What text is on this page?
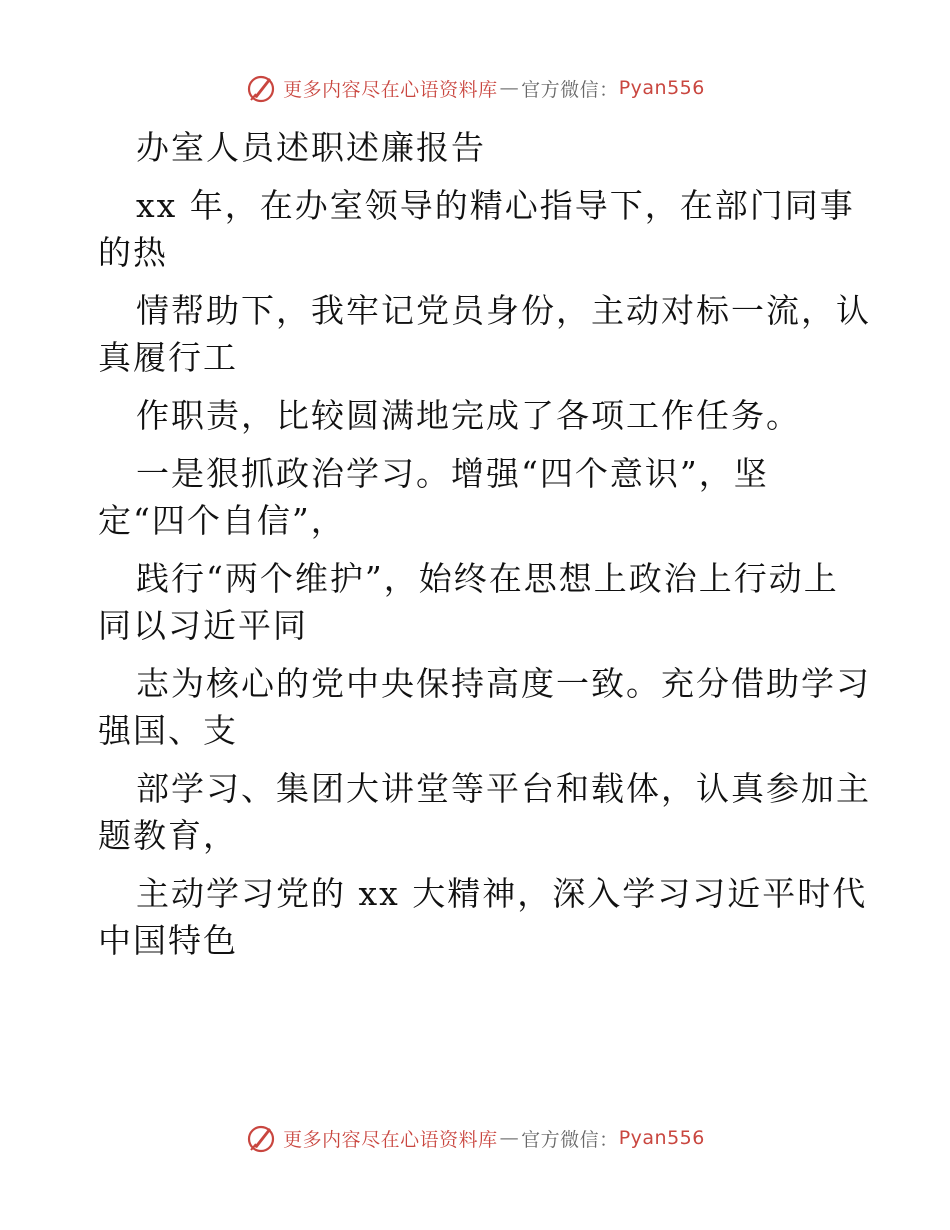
更多内容尽在心语资料库 — 官方微信： Pyan556
办室人员述职述廉报告
xx 年，在办室领导的精心指导下，在部门同事
的热
情帮助下，我牢记党员身份，主动对标一流，认
真履行工
作职责，比较圆满地完成了各项工作任务。
一是狠抓政治学习。增强“四个意识”，坚
定“四个自信”，
践行“两个维护”，始终在思想上政治上行动上
同以习近平同
志为核心的党中央保持高度一致。充分借助学习
强国、支
部学习、集团大讲堂等平台和载体，认真参加主
题教育，
主动学习党的 xx 大精神，深入学习习近平时代
中国特色
更多内容尽在心语资料库 — 官方微信： Pyan556
